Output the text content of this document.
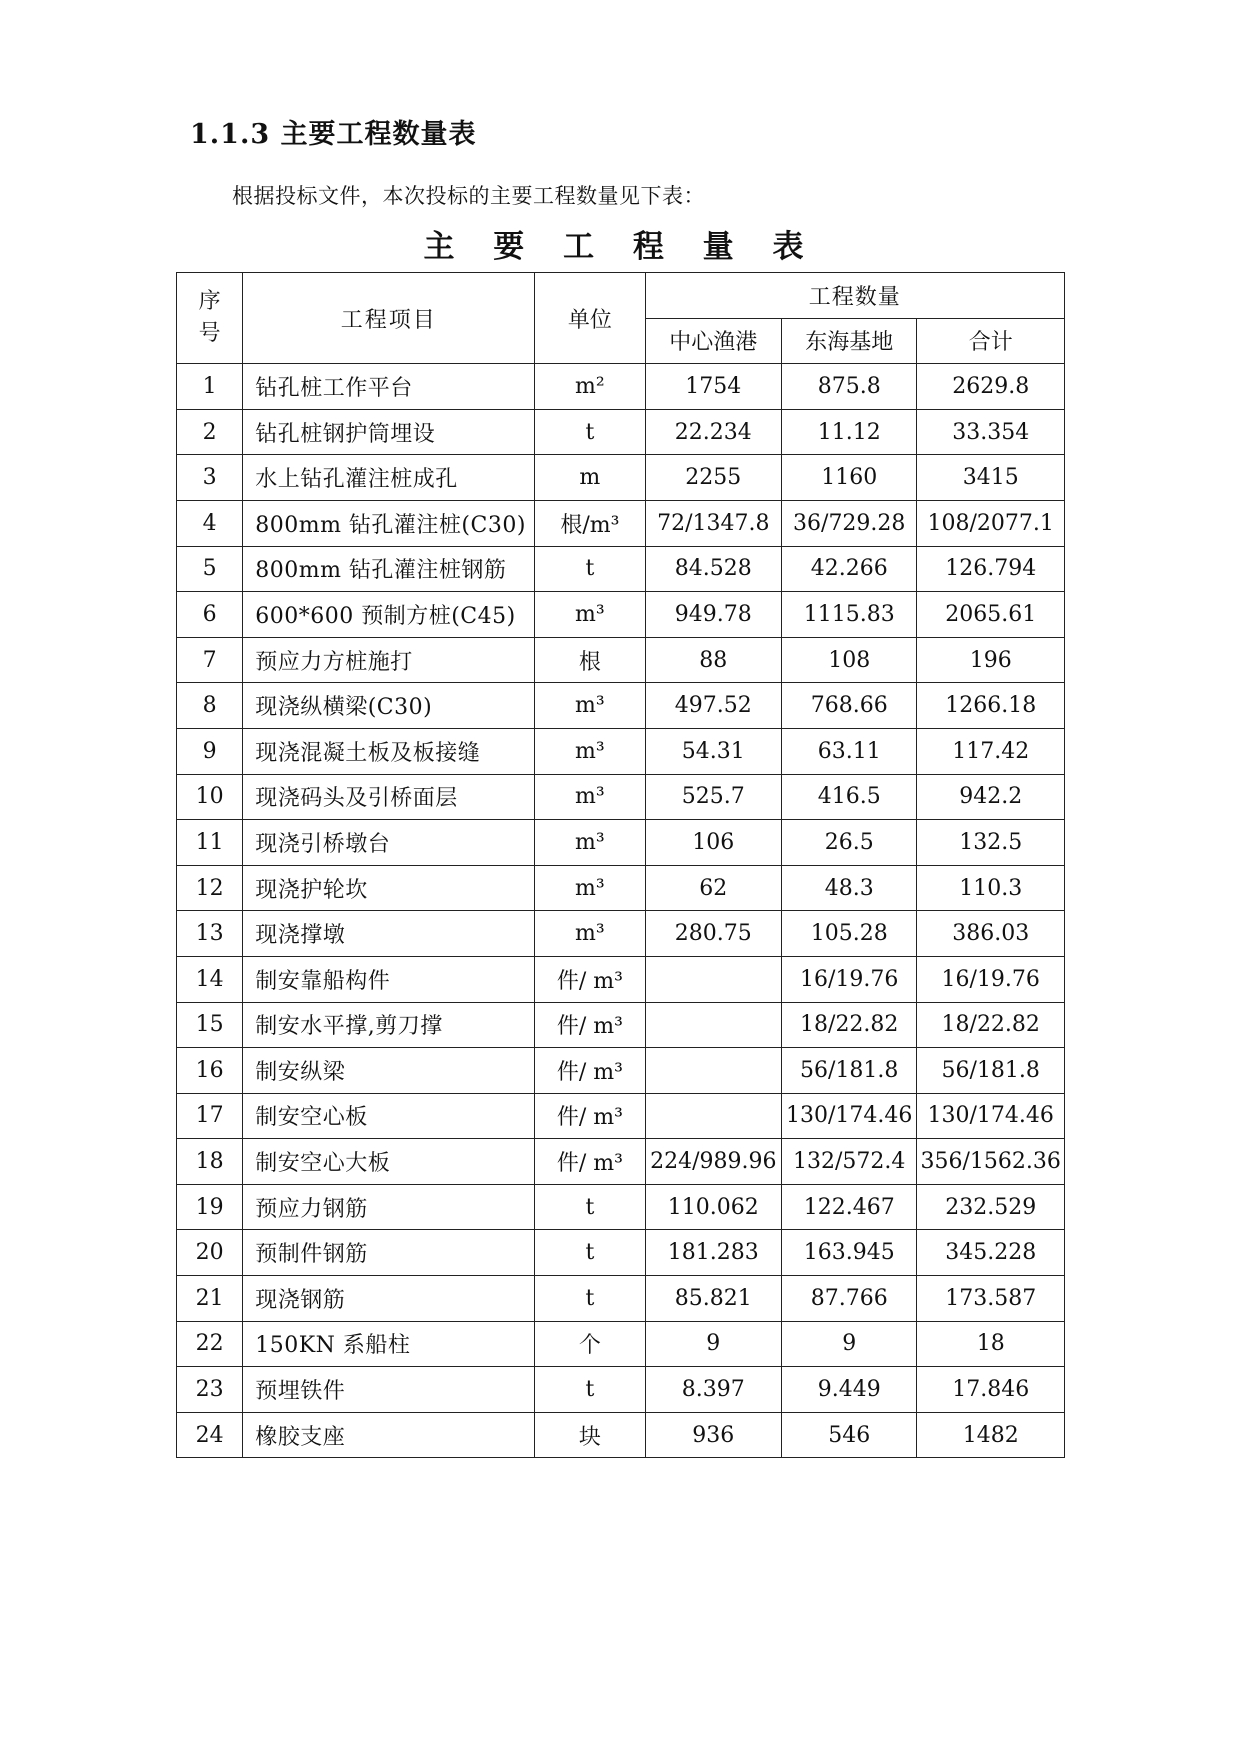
1.1.3 主要工程数量表

根据投标文件，本次投标的主要工程数量见下表：

主 要 工 程 量 表
序
号	工程项目	单位	工程数量		
			中心渔港	东海基地	合计
1	钻孔桩工作平台	m²	1754	875.8	2629.8
2	钻孔桩钢护筒埋设	t	22.234	11.12	33.354
3	水上钻孔灌注桩成孔	m	2255	1160	3415
4	800mm 钻孔灌注桩(C30)	根/m³	72/1347.8	36/729.28	108/2077.1
5	800mm 钻孔灌注桩钢筋	t	84.528	42.266	126.794
6	600*600 预制方桩(C45)	m³	949.78	1115.83	2065.61
7	预应力方桩施打	根	88	108	196
8	现浇纵横梁(C30)	m³	497.52	768.66	1266.18
9	现浇混凝土板及板接缝	m³	54.31	63.11	117.42
10	现浇码头及引桥面层	m³	525.7	416.5	942.2
11	现浇引桥墩台	m³	106	26.5	132.5
12	现浇护轮坎	m³	62	48.3	110.3
13	现浇撑墩	m³	280.75	105.28	386.03
14	制安靠船构件	件/ m³		16/19.76	16/19.76
15	制安水平撑,剪刀撑	件/ m³		18/22.82	18/22.82
16	制安纵梁	件/ m³		56/181.8	56/181.8
17	制安空心板	件/ m³		130/174.46	130/174.46
18	制安空心大板	件/ m³	224/989.96	132/572.4	356/1562.36
19	预应力钢筋	t	110.062	122.467	232.529
20	预制件钢筋	t	181.283	163.945	345.228
21	现浇钢筋	t	85.821	87.766	173.587
22	150KN 系船柱	个	9	9	18
23	预埋铁件	t	8.397	9.449	17.846
24	橡胶支座	块	936	546	1482
